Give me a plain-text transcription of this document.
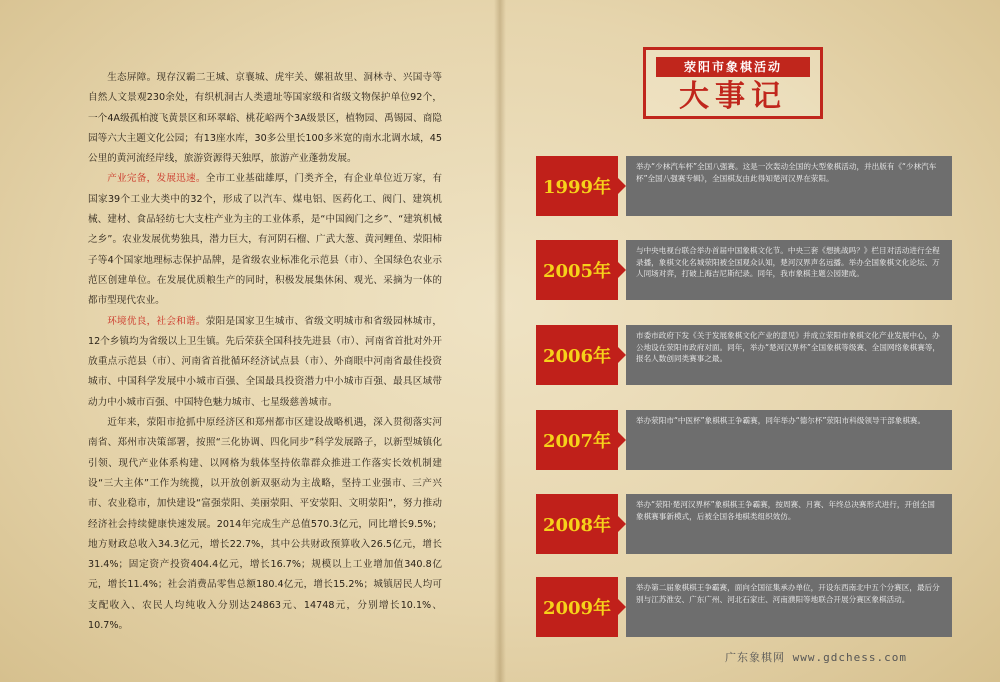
生态屏障。现存汉霸二王城、京襄城、虎牢关、嫘祖故里、洞林寺、兴国寺等自然人文景观230余处，有织机洞古人类遗址等国家级和省级文物保护单位92个，一个4A级孤柏渡飞黄景区和环翠峪、桃花峪两个3A级景区，植物园、禹锡园、商隐园等六大主题文化公园；有13座水库，30多公里长100多米宽的南水北调水域，45公里的黄河流经岸线，旅游资源得天独厚，旅游产业蓬勃发展。

产业完备，发展迅速。全市工业基础雄厚，门类齐全，有企业单位近万家，有国家39个工业大类中的32个，形成了以汽车、煤电铝、医药化工、阀门、建筑机械、建材、食品轻纺七大支柱产业为主的工业体系，是“中国阀门之乡”、“建筑机械之乡”。农业发展优势独具，潜力巨大，有河阴石榴、广武大葱、黄河鲤鱼、荥阳柿子等4个国家地理标志保护品牌，是省级农业标准化示范县（市）、全国绿色农业示范区创建单位。在发展优质粮生产的同时，积极发展集休闲、观光、采摘为一体的都市型现代农业。

环境优良，社会和谐。荥阳是国家卫生城市、省级文明城市和省级园林城市，12个乡镇均为省级以上卫生镇。先后荣获全国科技先进县（市）、河南省首批对外开放重点示范县（市）、河南省首批循环经济试点县（市）、外商眼中河南省最佳投资城市、中国科学发展中小城市百强、全国最具投资潜力中小城市百强、最具区域带动力中小城市百强、中国特色魅力城市、七星级慈善城市。

近年来，荥阳市抢抓中原经济区和郑州都市区建设战略机遇，深入贯彻落实河南省、郑州市决策部署，按照“三化协调、四化同步”科学发展路子，以新型城镇化引领、现代产业体系构建、以网格为载体坚持依靠群众推进工作落实长效机制建设“三大主体”工作为统揽，以开放创新双驱动为主战略，坚持工业强市、三产兴市、农业稳市，加快建设“富强荥阳、美丽荥阳、平安荥阳、文明荥阳”，努力推动经济社会持续健康快速发展。2014年完成生产总值570.3亿元，同比增长9.5%；地方财政总收入34.3亿元，增长22.7%，其中公共财政预算收入26.5亿元，增长31.4%；固定资产投资404.4亿元，增长16.7%；规模以上工业增加值340.8亿元，增长11.4%；社会消费品零售总额180.4亿元，增长15.2%；城镇居民人均可支配收入、农民人均纯收入分别达24863元、14748元，分别增长10.1%、10.7%。

荥阳市象棋活动
大事记
1999年
举办“少林汽车杯”全国八强赛。这是一次轰动全国的大型象棋活动，并出版有《“少林汽车杯”全国八强赛专辑》，全国棋友由此得知楚河汉界在荥阳。
2005年
与中央电视台联合举办首届中国象棋文化节。中央三套《想挑战吗？》栏目对活动进行全程录播，象棋文化名城荥阳被全国观众认知，楚河汉界声名远播。举办全国象棋文化论坛、万人同场对弈，打破上海吉尼斯纪录。同年，我市象棋主题公园建成。
2006年
市委市政府下发《关于发展象棋文化产业的意见》并成立荥阳市象棋文化产业发展中心，办公地设在荥阳市政府对面。同年，举办“楚河汉界杯”全国象棋等级赛、全国网络象棋赛等，报名人数创同类赛事之最。
2007年
举办荥阳市“中医杯”象棋棋王争霸赛，同年举办“德尔杯”荥阳市科级领导干部象棋赛。
2008年
举办“荥阳·楚河汉界杯”象棋棋王争霸赛，按周赛、月赛、年终总决赛形式进行，开创全国象棋赛事新模式，后被全国各地棋类组织效仿。
2009年
举办第二届象棋棋王争霸赛，面向全国征集承办单位，开设东西南北中五个分赛区，最后分别与江苏淮安、广东广州、河北石家庄、河南濮阳等地联合开展分赛区象棋活动。
广东象棋网 www.gdchess.com
